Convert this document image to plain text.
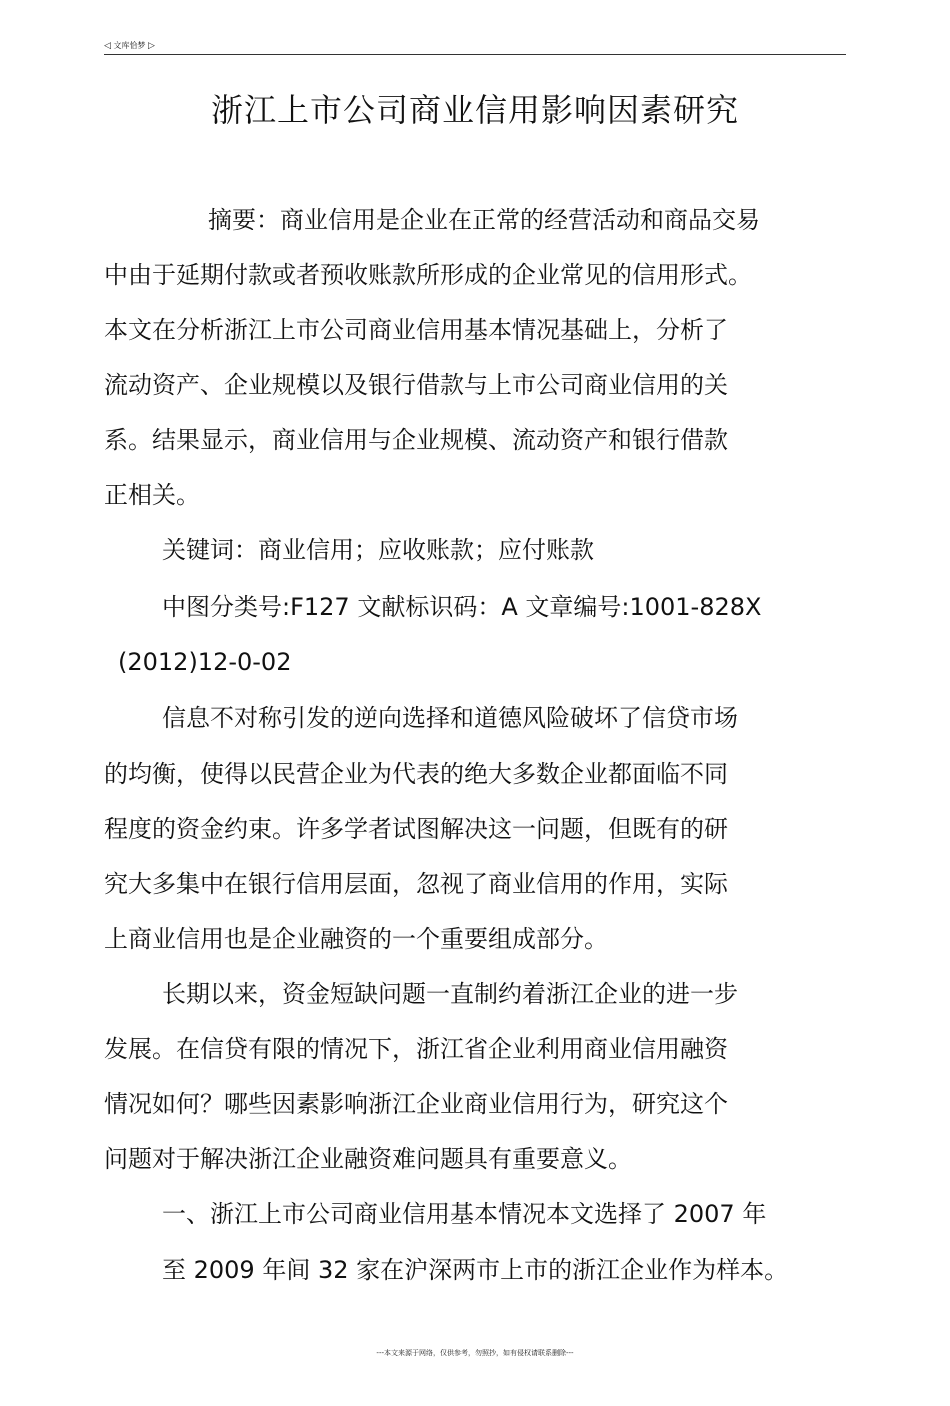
◁ 文库恰梦 ▷
浙江上市公司商业信用影响因素研究
摘要：商业信用是企业在正常的经营活动和商品交易
中由于延期付款或者预收账款所形成的企业常见的信用形式。
本文在分析浙江上市公司商业信用基本情况基础上，分析了
流动资产、企业规模以及银行借款与上市公司商业信用的关
系。结果显示，商业信用与企业规模、流动资产和银行借款
正相关。
关键词：商业信用；应收账款；应付账款
中图分类号:F127 文献标识码：A 文章编号:1001-828X
(2012)12-0-02
信息不对称引发的逆向选择和道德风险破坏了信贷市场
的均衡，使得以民营企业为代表的绝大多数企业都面临不同
程度的资金约束。许多学者试图解决这一问题，但既有的研
究大多集中在银行信用层面，忽视了商业信用的作用，实际
上商业信用也是企业融资的一个重要组成部分。
长期以来，资金短缺问题一直制约着浙江企业的进一步
发展。在信贷有限的情况下，浙江省企业利用商业信用融资
情况如何？哪些因素影响浙江企业商业信用行为，研究这个
问题对于解决浙江企业融资难问题具有重要意义。
一、浙江上市公司商业信用基本情况本文选择了 2007 年
至 2009 年间 32 家在沪深两市上市的浙江企业作为样本。
---本文来源于网络，仅供参考，勿照抄，如有侵权请联系删除---
